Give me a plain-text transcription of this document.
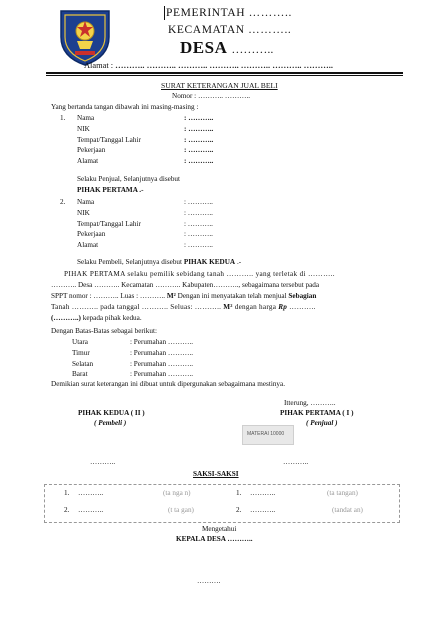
PEMERINTAH ………..
KECAMATAN ………..
DESA ………..
Alamat : ……….. ……….. ……….. ……….. ……….. ……….. ………..
SURAT KETERANGAN JUAL BELI
Nomor : ……….. ………..
Yang bertanda tangan dibawah ini masing-masing :
1. Nama	: ………..
NIK	: ………..
Tempat/Tanggal Lahir	: ………..
Pekerjaan	: ………..
Alamat	: ………..
Selaku Penjual, Selanjutnya disebut
PIHAK PERTAMA .-
2. Nama	: ………..
NIK	: ………..
Tempat/Tanggal Lahir	: ………..
Pekerjaan	: ………..
Alamat	: ………..
Selaku Pembeli, Selanjutnya disebut PIHAK KEDUA .-
PIHAK PERTAMA selaku pemilik sebidang tanah ……….. yang terletak di ………..
……….. Desa ……….. Kecamatan ……….. Kabupaten……….., sebagaimana tersebut pada
SPPT nomor : ……….. Luas : ……….. M² Dengan ini menyatakan telah menjual Sebagian
Tanah ……….. pada tanggal ……….. Seluas: ……….. M² dengan harga Rp ………..
(………..) kepada pihak kedua.
Dengan Batas-Batas sebagai berikut:
Utara	: Perumahan ………..
Timur	: Perumahan ………..
Selatan	: Perumahan ………..
Barat	: Perumahan ………..
Demikian surat keterangan ini dibuat untuk dipergunakan sebagaimana mestinya.
Itterung, ………..
PIHAK KEDUA ( II )
( Pembeli )
PIHAK PERTAMA ( I )
( Penjual )
MATERAI 10000
………..	………..
SAKSI-SAKSI
1. ………..	(ta nga n)	1. ………..	(ta tangan)
2. ………..	(t ta gan)	2. ………..	(tandat an)
Mengetahui
KEPALA DESA ………..
……….
